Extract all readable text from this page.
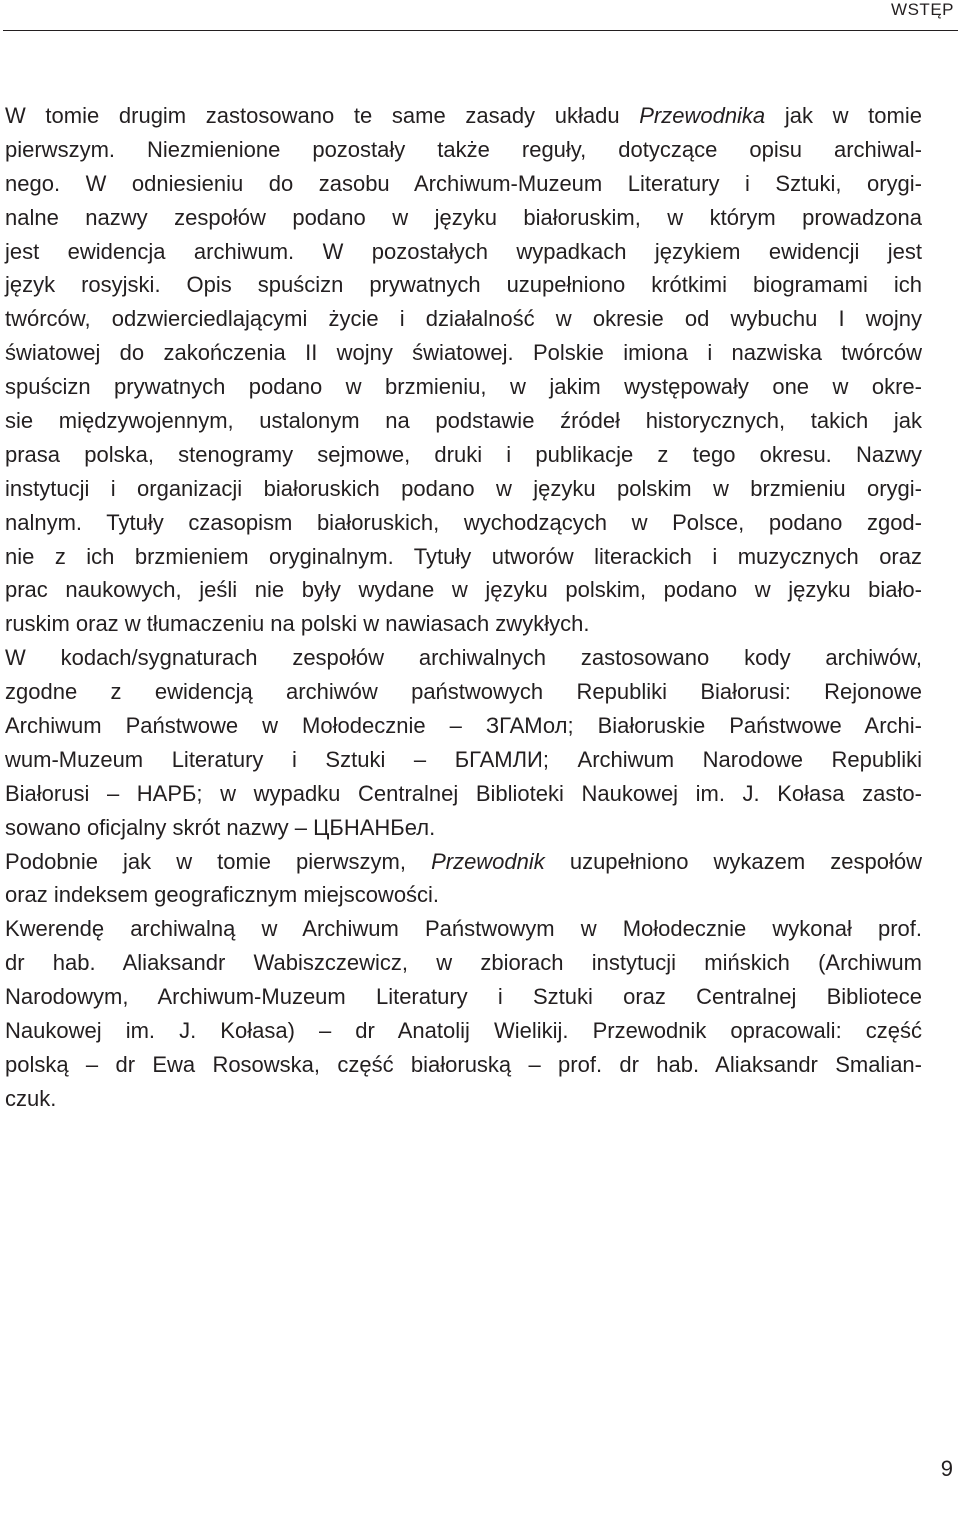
WSTĘP
W tomie drugim zastosowano te same zasady układu Przewodnika jak w tomie
pierwszym. Niezmienione pozostały także reguły, dotyczące opisu archiwal-
nego. W odniesieniu do zasobu Archiwum-Muzeum Literatury i Sztuki, orygi-
nalne nazwy zespołów podano w języku białoruskim, w którym prowadzona
jest ewidencja archiwum. W pozostałych wypadkach językiem ewidencji jest
język rosyjski. Opis spuścizn prywatnych uzupełniono krótkimi biogramami ich
twórców, odzwierciedlającymi życie i działalność w okresie od wybuchu I wojny
światowej do zakończenia II wojny światowej. Polskie imiona i nazwiska twórców
spuścizn prywatnych podano w brzmieniu, w jakim występowały one w okre-
sie międzywojennym, ustalonym na podstawie źródeł historycznych, takich jak
prasa polska, stenogramy sejmowe, druki i publikacje z tego okresu. Nazwy
instytucji i organizacji białoruskich podano w języku polskim w brzmieniu orygi-
nalnym. Tytuły czasopism białoruskich, wychodzących w Polsce, podano zgod-
nie z ich brzmieniem oryginalnym. Tytuły utworów literackich i muzycznych oraz
prac naukowych, jeśli nie były wydane w języku polskim, podano w języku biało-
ruskim oraz w tłumaczeniu na polski w nawiasach zwykłych.
W kodach/sygnaturach zespołów archiwalnych zastosowano kody archiwów,
zgodne z ewidencją archiwów państwowych Republiki Białorusi: Rejonowe
Archiwum Państwowe w Mołodecznie – ЗГАМол; Białoruskie Państwowe Archi-
wum-Muzeum Literatury i Sztuki – БГАМЛИ; Archiwum Narodowe Republiki
Białorusi – НАРБ; w wypadku Centralnej Biblioteki Naukowej im. J. Kołasa zasto-
sowano oficjalny skrót nazwy – ЦБНАНБел.
Podobnie jak w tomie pierwszym, Przewodnik uzupełniono wykazem zespołów
oraz indeksem geograficznym miejscowości.
Kwerendę archiwalną w Archiwum Państwowym w Mołodecznie wykonał prof.
dr hab. Aliaksandr Wabiszczewicz, w zbiorach instytucji mińskich (Archiwum
Narodowym, Archiwum-Muzeum Literatury i Sztuki oraz Centralnej Bibliotece
Naukowej im. J. Kołasa) – dr Anatolij Wielikij. Przewodnik opracowali: część
polską – dr Ewa Rosowska, część białoruską – prof. dr hab. Aliaksandr Smalian-
czuk.
9
